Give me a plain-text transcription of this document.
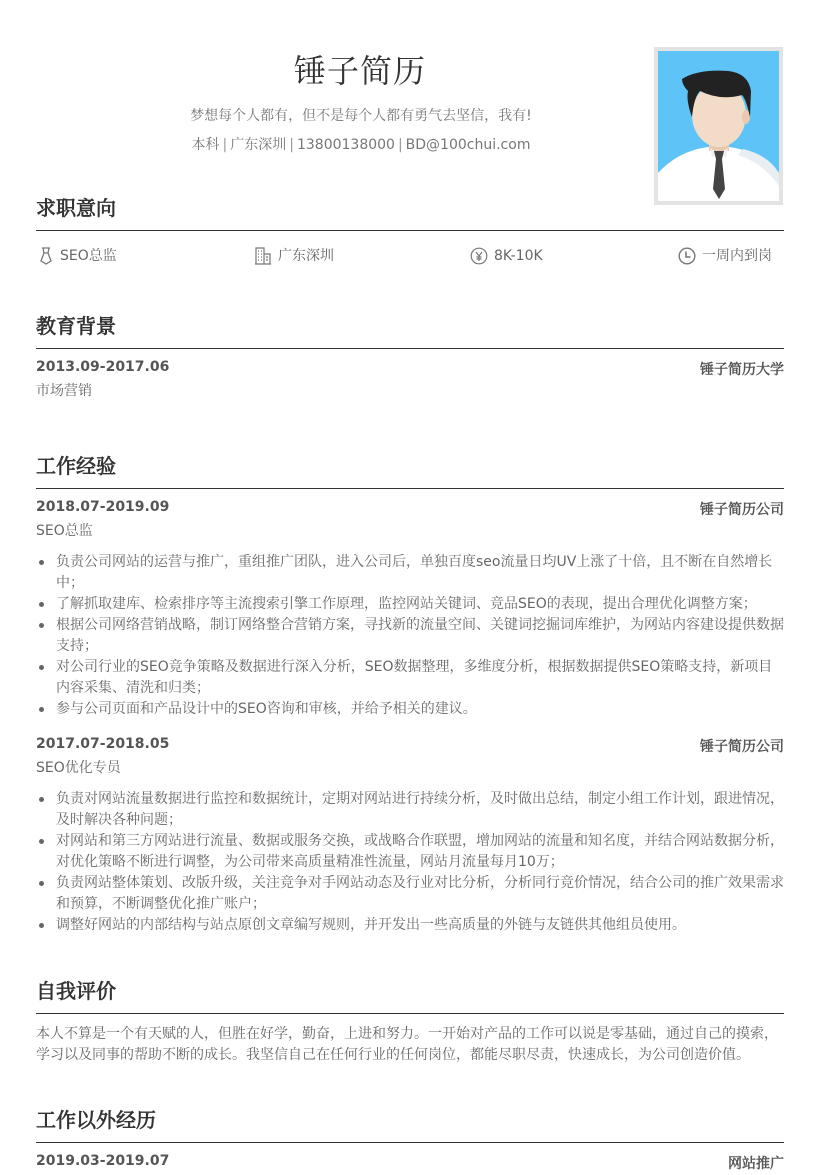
锤子简历
梦想每个人都有，但不是每个人都有勇气去坚信，我有!
本科 | 广东深圳 | 13800138000 | BD@100chui.com
求职意向
SEO总监	广东深圳	8K-10K	一周内到岗
教育背景
2013.09-2017.06	锤子简历大学
市场营销
工作经验
2018.07-2019.09	锤子简历公司
SEO总监
负责公司网站的运营与推广，重组推广团队，进入公司后，单独百度seo流量日均UV上涨了十倍，且不断在自然增长中；
了解抓取建库、检索排序等主流搜索引擎工作原理，监控网站关键词、竞品SEO的表现，提出合理优化调整方案；
根据公司网络营销战略，制订网络整合营销方案，寻找新的流量空间、关键词挖掘词库维护，为网站内容建设提供数据支持；
对公司行业的SEO竞争策略及数据进行深入分析，SEO数据整理，多维度分析，根据数据提供SEO策略支持，新项目内容采集、清洗和归类；
参与公司页面和产品设计中的SEO咨询和审核，并给予相关的建议。
2017.07-2018.05	锤子简历公司
SEO优化专员
负责对网站流量数据进行监控和数据统计，定期对网站进行持续分析，及时做出总结，制定小组工作计划，跟进情况，及时解决各种问题；
对网站和第三方网站进行流量、数据或服务交换，或战略合作联盟，增加网站的流量和知名度，并结合网站数据分析，对优化策略不断进行调整，为公司带来高质量精准性流量，网站月流量每月10万；
负责网站整体策划、改版升级，关注竞争对手网站动态及行业对比分析，分析同行竞价情况，结合公司的推广效果需求和预算，不断调整优化推广账户；
调整好网站的内部结构与站点原创文章编写规则，并开发出一些高质量的外链与友链供其他组员使用。
自我评价
本人不算是一个有天赋的人，但胜在好学，勤奋，上进和努力。一开始对产品的工作可以说是零基础，通过自己的摸索，学习以及同事的帮助不断的成长。我坚信自己在任何行业的任何岗位，都能尽职尽责，快速成长，为公司创造价值。
工作以外经历
2019.03-2019.07	网站推广
